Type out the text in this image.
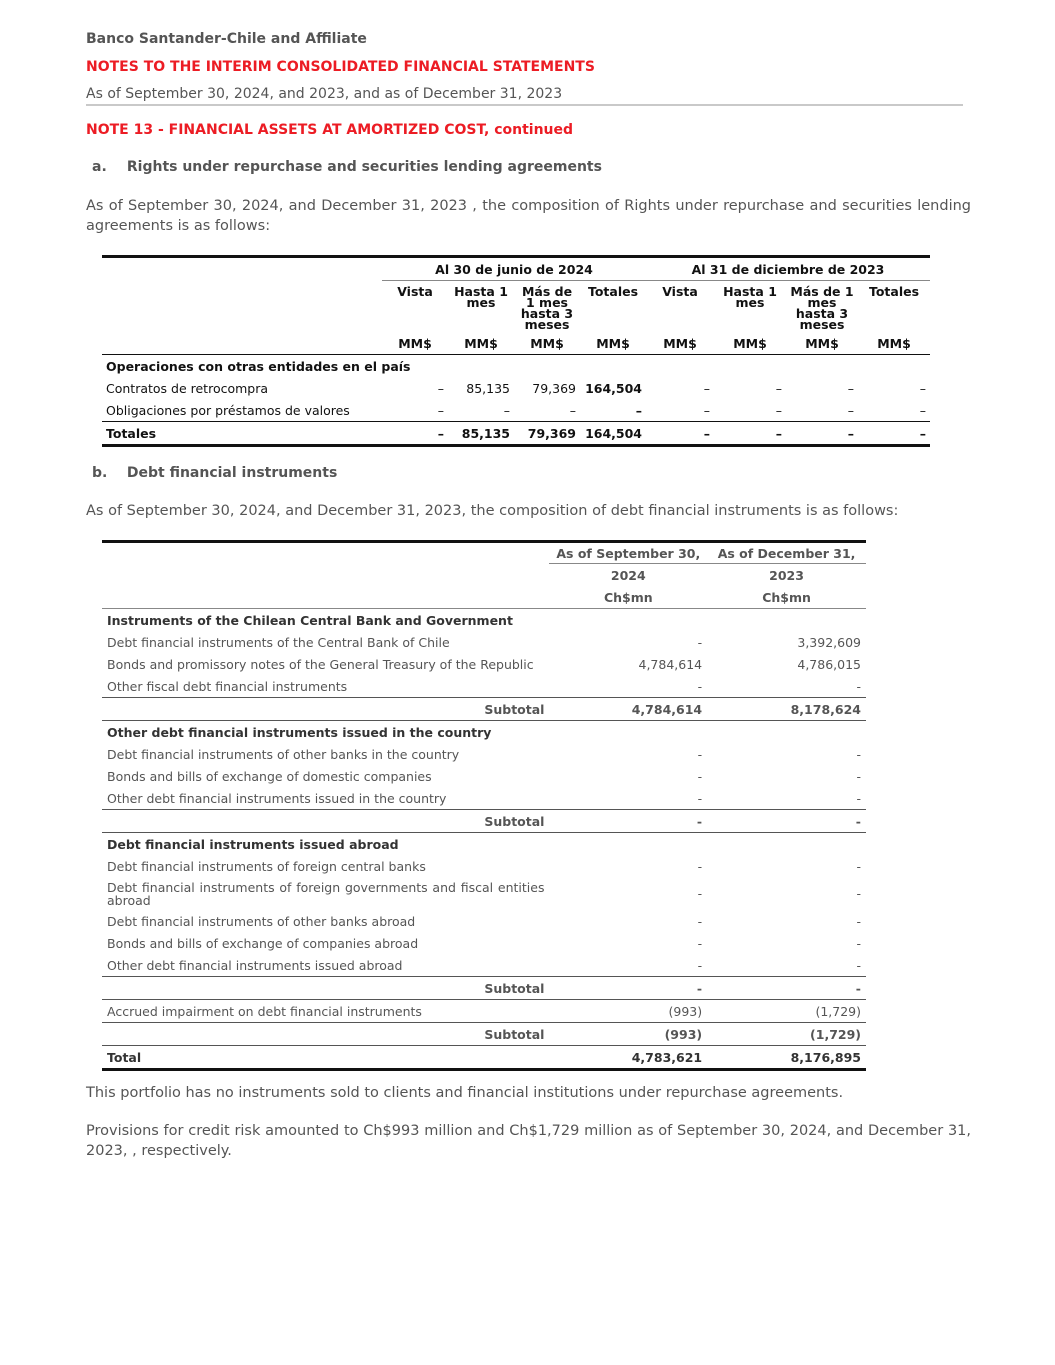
Banco Santander-Chile and Affiliate
NOTES TO THE INTERIM CONSOLIDATED FINANCIAL STATEMENTS
As of September 30, 2024, and 2023, and as of December 31, 2023
NOTE 13 - FINANCIAL ASSETS AT AMORTIZED COST, continued
a. Rights under repurchase and securities lending agreements
As of September 30, 2024, and December 31, 2023 , the composition of Rights under repurchase and securities lending agreements is as follows:
b. Debt financial instruments
As of September 30, 2024, and December 31, 2023, the composition of debt financial instruments is as follows:
This portfolio has no instruments sold to clients and financial institutions under repurchase agreements.
Provisions for credit risk amounted to Ch$993 million and Ch$1,729 million as of September 30, 2024, and December 31, 2023, , respectively.
	Al 30 de junio de 2024				Al 31 de diciembre de 2023			
	Vista	Hasta 1 mes	Más de 1 mes hasta 3 meses	Totales	Vista	Hasta 1 mes	Más de 1 mes hasta 3 meses	Totales
	MM$	MM$	MM$	MM$	MM$	MM$	MM$	MM$
Operaciones con otras entidades en el país								
Contratos de retrocompra	–	85,135	79,369	164,504	–	–	–	–
Obligaciones por préstamos de valores	–	–	–	–	–	–	–	–
Totales	–	85,135	79,369	164,504	–	–	–	–
	As of September 30,	As of December 31,
	2024	2023
	Ch$mn	Ch$mn
Instruments of the Chilean Central Bank and Government		
Debt financial instruments of the Central Bank of Chile	-	3,392,609
Bonds and promissory notes of the General Treasury of the Republic	4,784,614	4,786,015
Other fiscal debt financial instruments	-	-
Subtotal	4,784,614	8,178,624
Other debt financial instruments issued in the country		
Debt financial instruments of other banks in the country	-	-
Bonds and bills of exchange of domestic companies	-	-
Other debt financial instruments issued in the country	-	-
Subtotal	-	-
Debt financial instruments issued abroad		
Debt financial instruments of foreign central banks	-	-
Debt financial instruments of foreign governments and fiscal entities abroad	-	-
Debt financial instruments of other banks abroad	-	-
Bonds and bills of exchange of companies abroad	-	-
Other debt financial instruments issued abroad	-	-
Subtotal	-	-
Accrued impairment on debt financial instruments	(993)	(1,729)
Subtotal	(993)	(1,729)
Total	4,783,621	8,176,895
